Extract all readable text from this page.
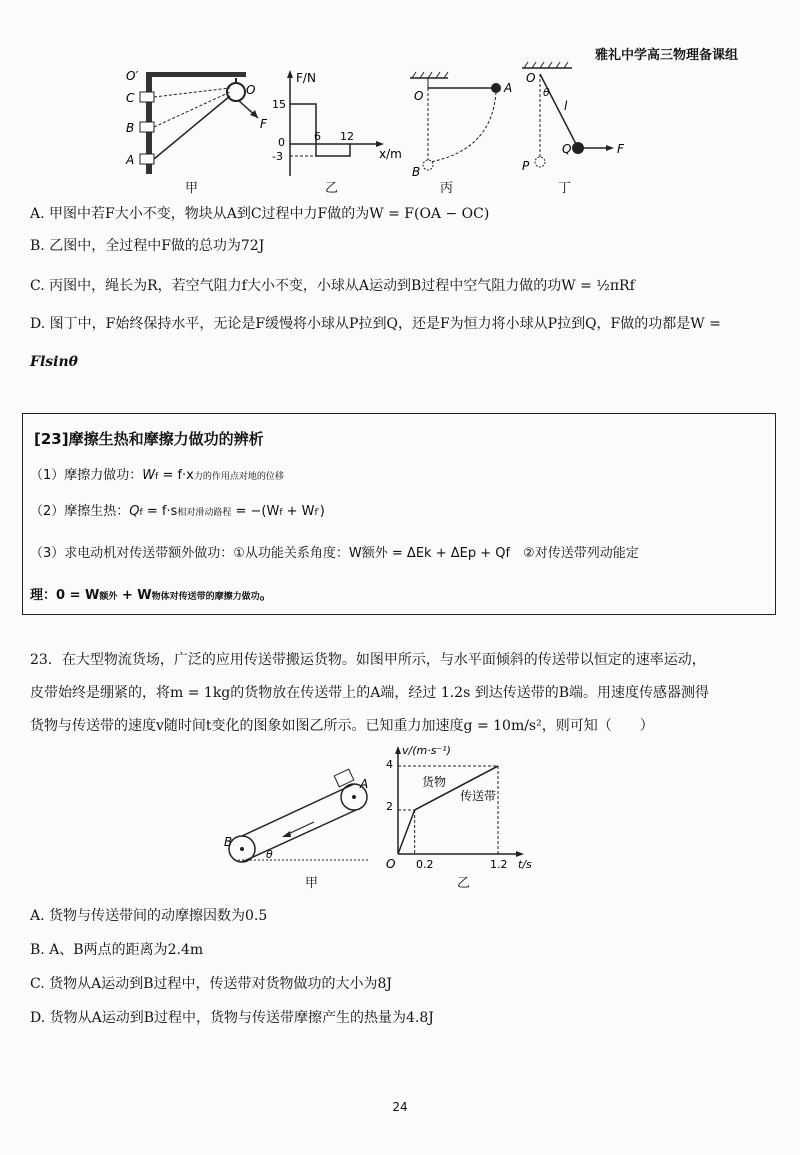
雅礼中学高三物理备课组
O′
O
C
B
A
F
甲
F/N
x/m
15
0
-3
6 12
乙
O
A
B
丙
O
θ
l
P
Q	F
丁
A. 甲图中若F大小不变，物块从A到C过程中力F做的为W = F(OA − OC)
B. 乙图中，全过程中F做的总功为72J
C. 丙图中，绳长为R，若空气阻力f大小不变，小球从A运动到B过程中空气阻力做的功W = ½πRf
D. 图丁中，F始终保持水平，无论是F缓慢将小球从P拉到Q，还是F为恒力将小球从P拉到Q，F做的功都是W =
Flsinθ
[23]摩擦生热和摩擦力做功的辨析
（1）摩擦力做功：Wf = f·x力的作用点对地的位移
（2）摩擦生热：Qf = f·s相对滑动路程 = −(Wf + Wf′)
（3）求电动机对传送带额外做功：①从功能关系角度：W额外 = ΔEk + ΔEp + Qf　②对传送带列动能定
理：0 = W额外 + W物体对传送带的摩擦力做功。
23．在大型物流货场，广泛的应用传送带搬运货物。如图甲所示，与水平面倾斜的传送带以恒定的速率运动，
皮带始终是绷紧的，将m = 1kg的货物放在传送带上的A端，经过 1.2s 到达传送带的B端。用速度传感器测得
货物与传送带的速度v随时间t变化的图象如图乙所示。已知重力加速度g = 10m/s²，则可知（　　）
B
A
θ
甲
v/(m·s⁻¹)
t/s
O
4
2
0.2	1.2
货物
传送带
乙
A. 货物与传送带间的动摩擦因数为0.5
B. A、B两点的距离为2.4m
C. 货物从A运动到B过程中，传送带对货物做功的大小为8J
D. 货物从A运动到B过程中，货物与传送带摩擦产生的热量为4.8J
24
